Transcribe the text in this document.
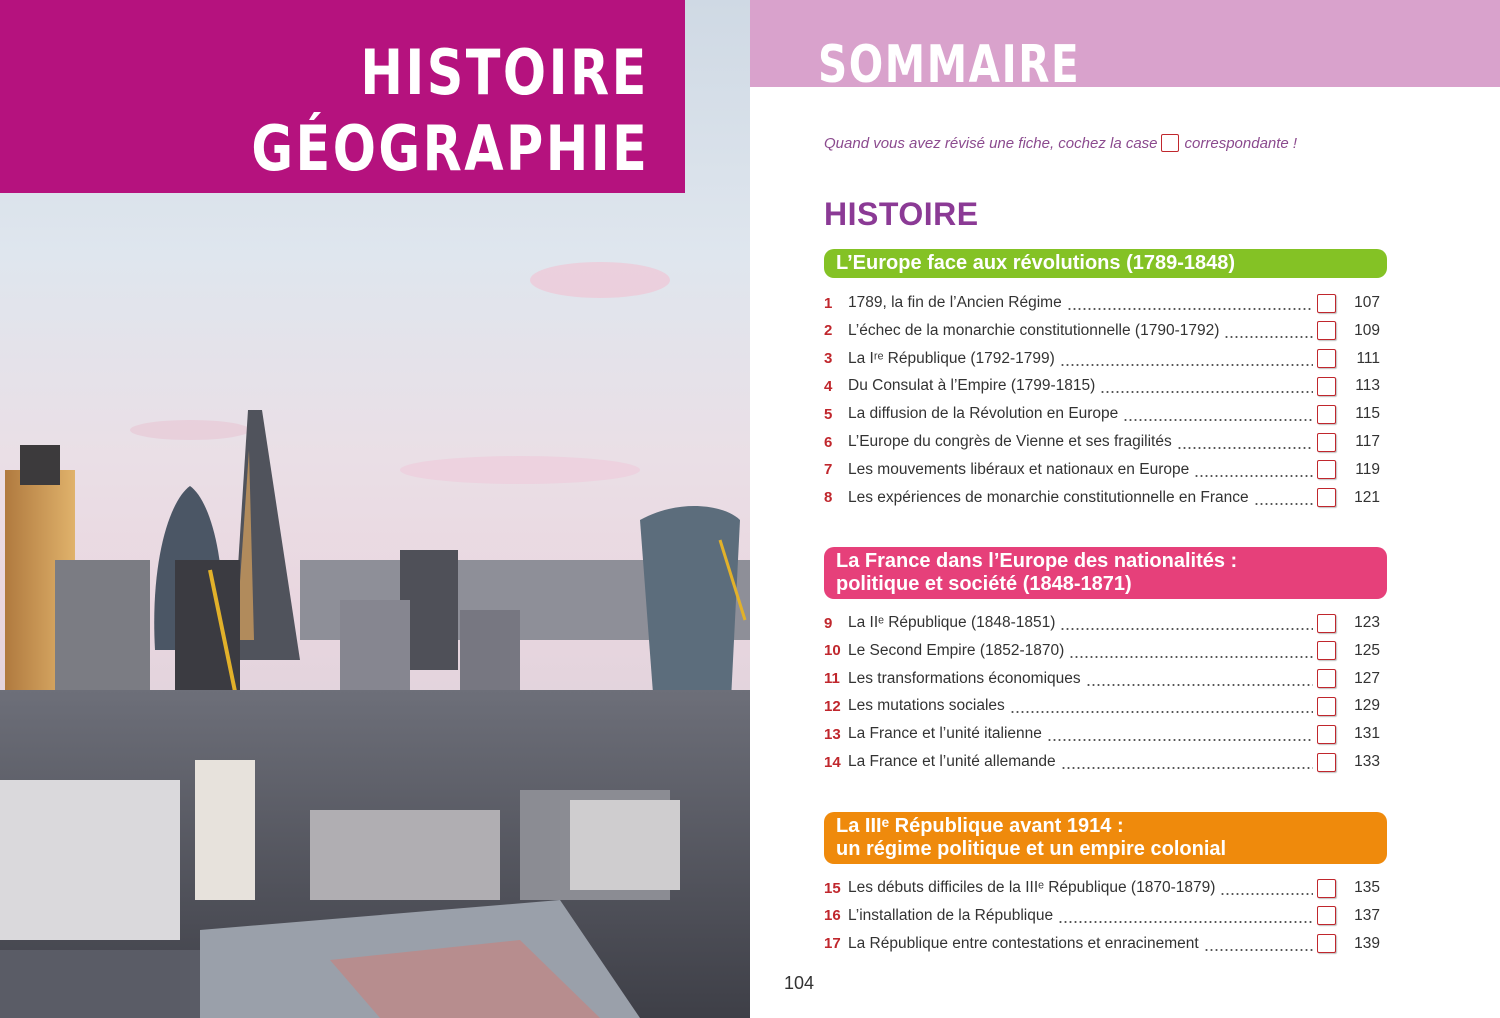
HISTOIRE
GÉOGRAPHIE
SOMMAIRE
Quand vous avez révisé une fiche, cochez la case correspondante !
HISTOIRE
L’Europe face aux révolutions (1789-1848)
1	1789, la fin de l’Ancien Régime	107
2	L’échec de la monarchie constitutionnelle (1790-1792)	109
3	La Iʳᵉ République (1792-1799)	111
4	Du Consulat à l’Empire (1799-1815)	113
5	La diffusion de la Révolution en Europe	115
6	L’Europe du congrès de Vienne et ses fragilités	117
7	Les mouvements libéraux et nationaux en Europe	119
8	Les expériences de monarchie constitutionnelle en France	121
La France dans l’Europe des nationalités :
politique et société (1848-1871)
9	La IIᵉ République (1848-1851)	123
10 Le Second Empire (1852-1870)	125
11 Les transformations économiques	127
12 Les mutations sociales	129
13 La France et l’unité italienne	131
14 La France et l’unité allemande	133
La IIIᵉ République avant 1914 :
un régime politique et un empire colonial
15 Les débuts difficiles de la IIIᵉ République (1870-1879)	135
16 L’installation de la République	137
17 La République entre contestations et enracinement	139
104
